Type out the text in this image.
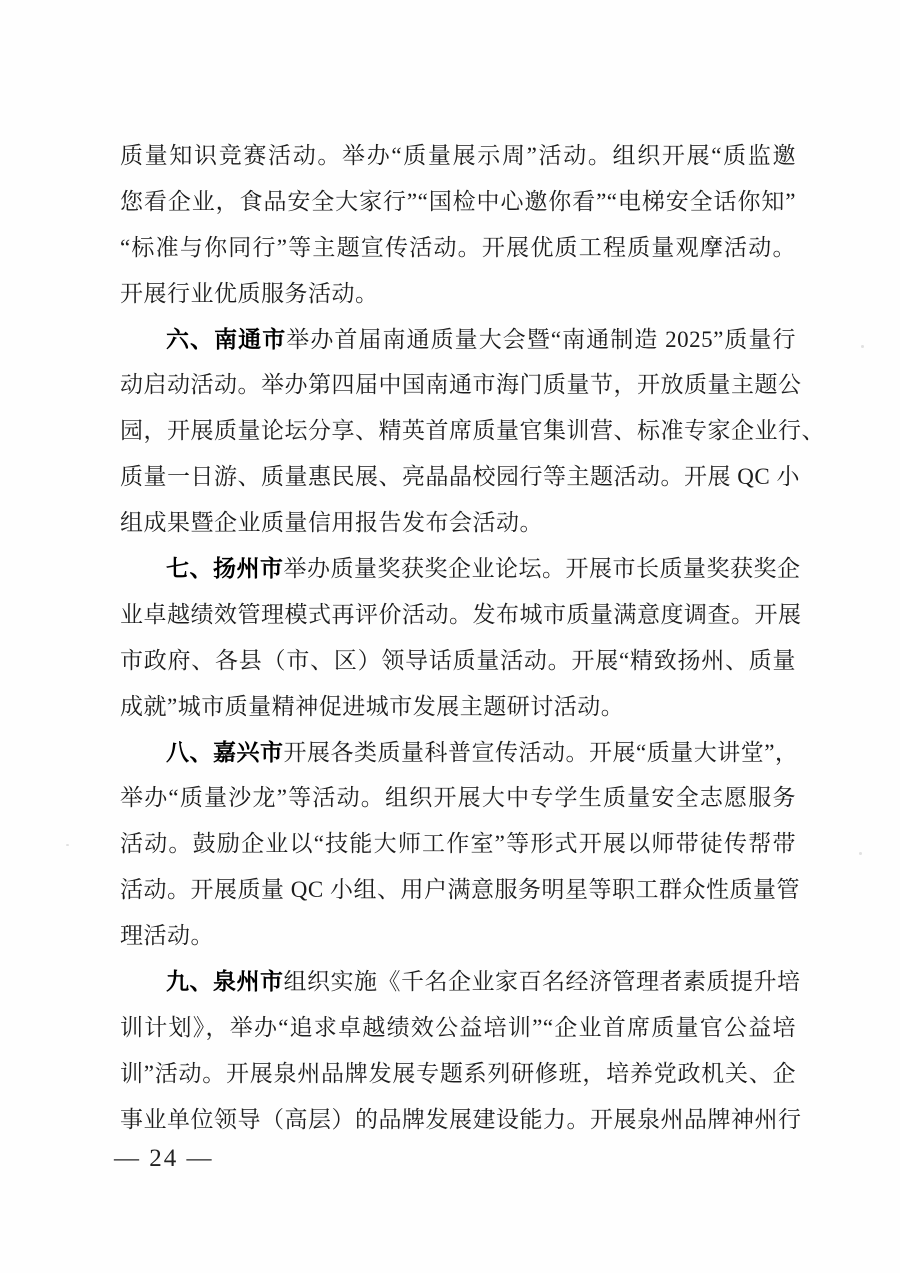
质量知识竞赛活动。举办“质量展示周”活动。组织开展“质监邀
您看企业，食品安全大家行”“国检中心邀你看”“电梯安全话你知”
“标准与你同行”等主题宣传活动。开展优质工程质量观摩活动。
开展行业优质服务活动。
六、南通市举办首届南通质量大会暨“南通制造 2025”质量行
动启动活动。举办第四届中国南通市海门质量节，开放质量主题公
园，开展质量论坛分享、精英首席质量官集训营、标准专家企业行、
质量一日游、质量惠民展、亮晶晶校园行等主题活动。开展 QC 小
组成果暨企业质量信用报告发布会活动。
七、扬州市举办质量奖获奖企业论坛。开展市长质量奖获奖企
业卓越绩效管理模式再评价活动。发布城市质量满意度调查。开展
市政府、各县（市、区）领导话质量活动。开展“精致扬州、质量
成就”城市质量精神促进城市发展主题研讨活动。
八、嘉兴市开展各类质量科普宣传活动。开展“质量大讲堂”，
举办“质量沙龙”等活动。组织开展大中专学生质量安全志愿服务
活动。鼓励企业以“技能大师工作室”等形式开展以师带徒传帮带
活动。开展质量 QC 小组、用户满意服务明星等职工群众性质量管
理活动。
九、泉州市组织实施《千名企业家百名经济管理者素质提升培
训计划》，举办“追求卓越绩效公益培训”“企业首席质量官公益培
训”活动。开展泉州品牌发展专题系列研修班，培养党政机关、企
事业单位领导（高层）的品牌发展建设能力。开展泉州品牌神州行
— 24 —
